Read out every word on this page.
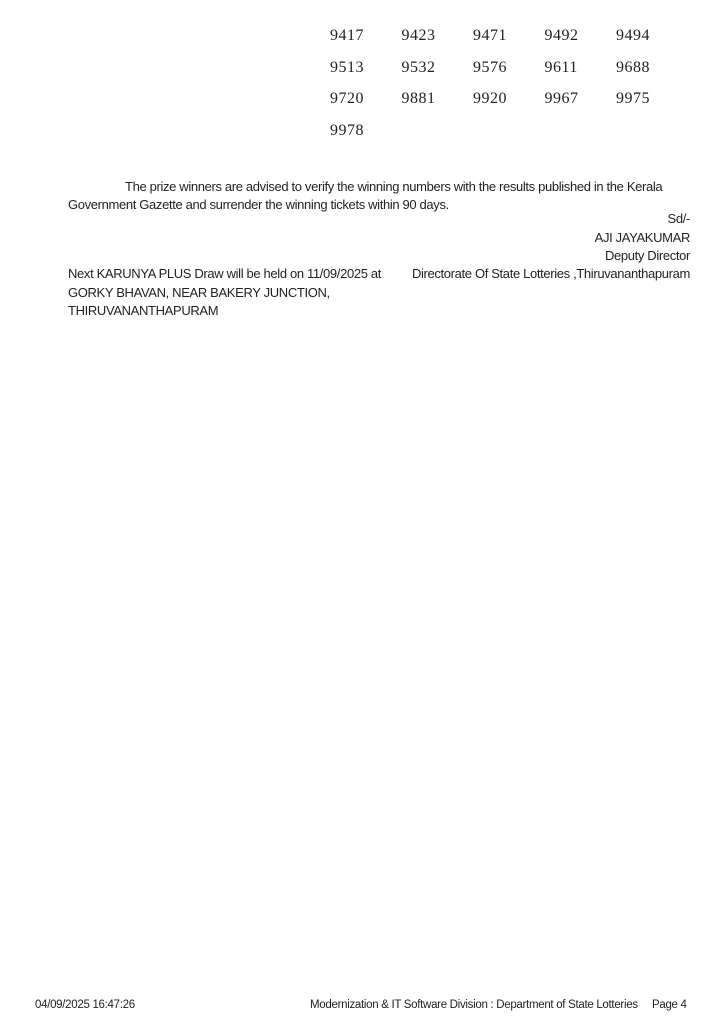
9417	9423	9471	9492	9494
9513	9532	9576	9611	9688
9720	9881	9920	9967	9975
9978
The prize winners are advised to verify the winning numbers with the results published in the Kerala
Government Gazette and surrender the winning tickets within 90 days.
Sd/-
AJI JAYAKUMAR
Deputy Director
Next KARUNYA PLUS Draw will be held on 11/09/2025 at
GORKY BHAVAN, NEAR BAKERY JUNCTION,
THIRUVANANTHAPURAM
Directorate Of State Lotteries ,Thiruvananthapuram
04/09/2025 16:47:26	Modernization & IT Software Division : Department of State Lotteries Page 4
